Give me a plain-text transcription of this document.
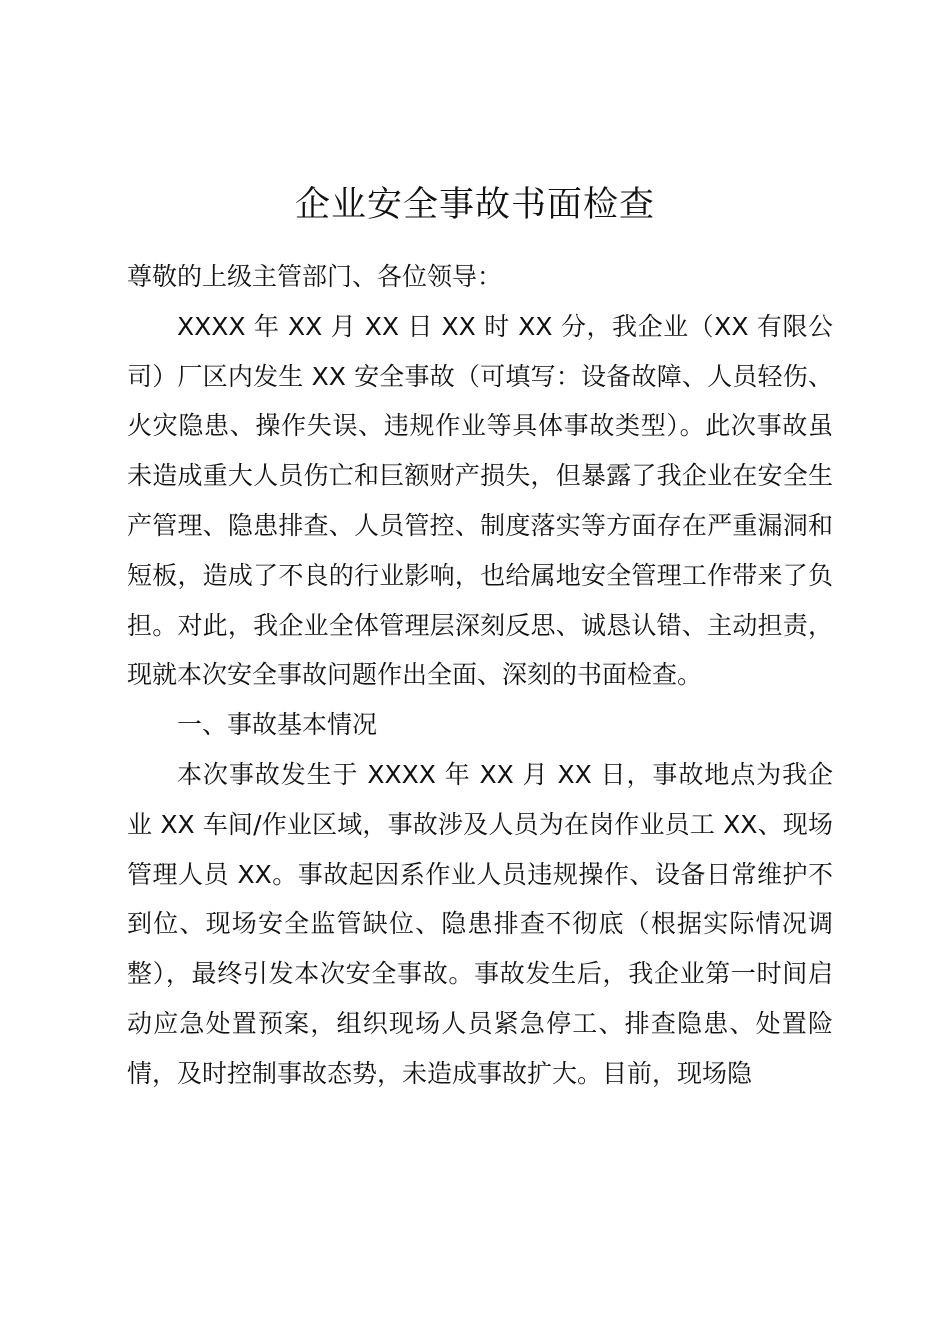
企业安全事故书面检查

尊敬的上级主管部门、各位领导：

XXXX 年 XX 月 XX 日 XX 时 XX 分，我企业（XX 有限公司）厂区内发生 XX 安全事故（可填写：设备故障、人员轻伤、火灾隐患、操作失误、违规作业等具体事故类型）。此次事故虽未造成重大人员伤亡和巨额财产损失，但暴露了我企业在安全生产管理、隐患排查、人员管控、制度落实等方面存在严重漏洞和短板，造成了不良的行业影响，也给属地安全管理工作带来了负担。对此，我企业全体管理层深刻反思、诚恳认错、主动担责，现就本次安全事故问题作出全面、深刻的书面检查。

一、事故基本情况

本次事故发生于 XXXX 年 XX 月 XX 日，事故地点为我企业 XX 车间/作业区域，事故涉及人员为在岗作业员工 XX、现场管理人员 XX。事故起因系作业人员违规操作、设备日常维护不到位、现场安全监管缺位、隐患排查不彻底（根据实际情况调整），最终引发本次安全事故。事故发生后，我企业第一时间启动应急处置预案，组织现场人员紧急停工、排查隐患、处置险情，及时控制事故态势，未造成事故扩大。目前，现场隐
